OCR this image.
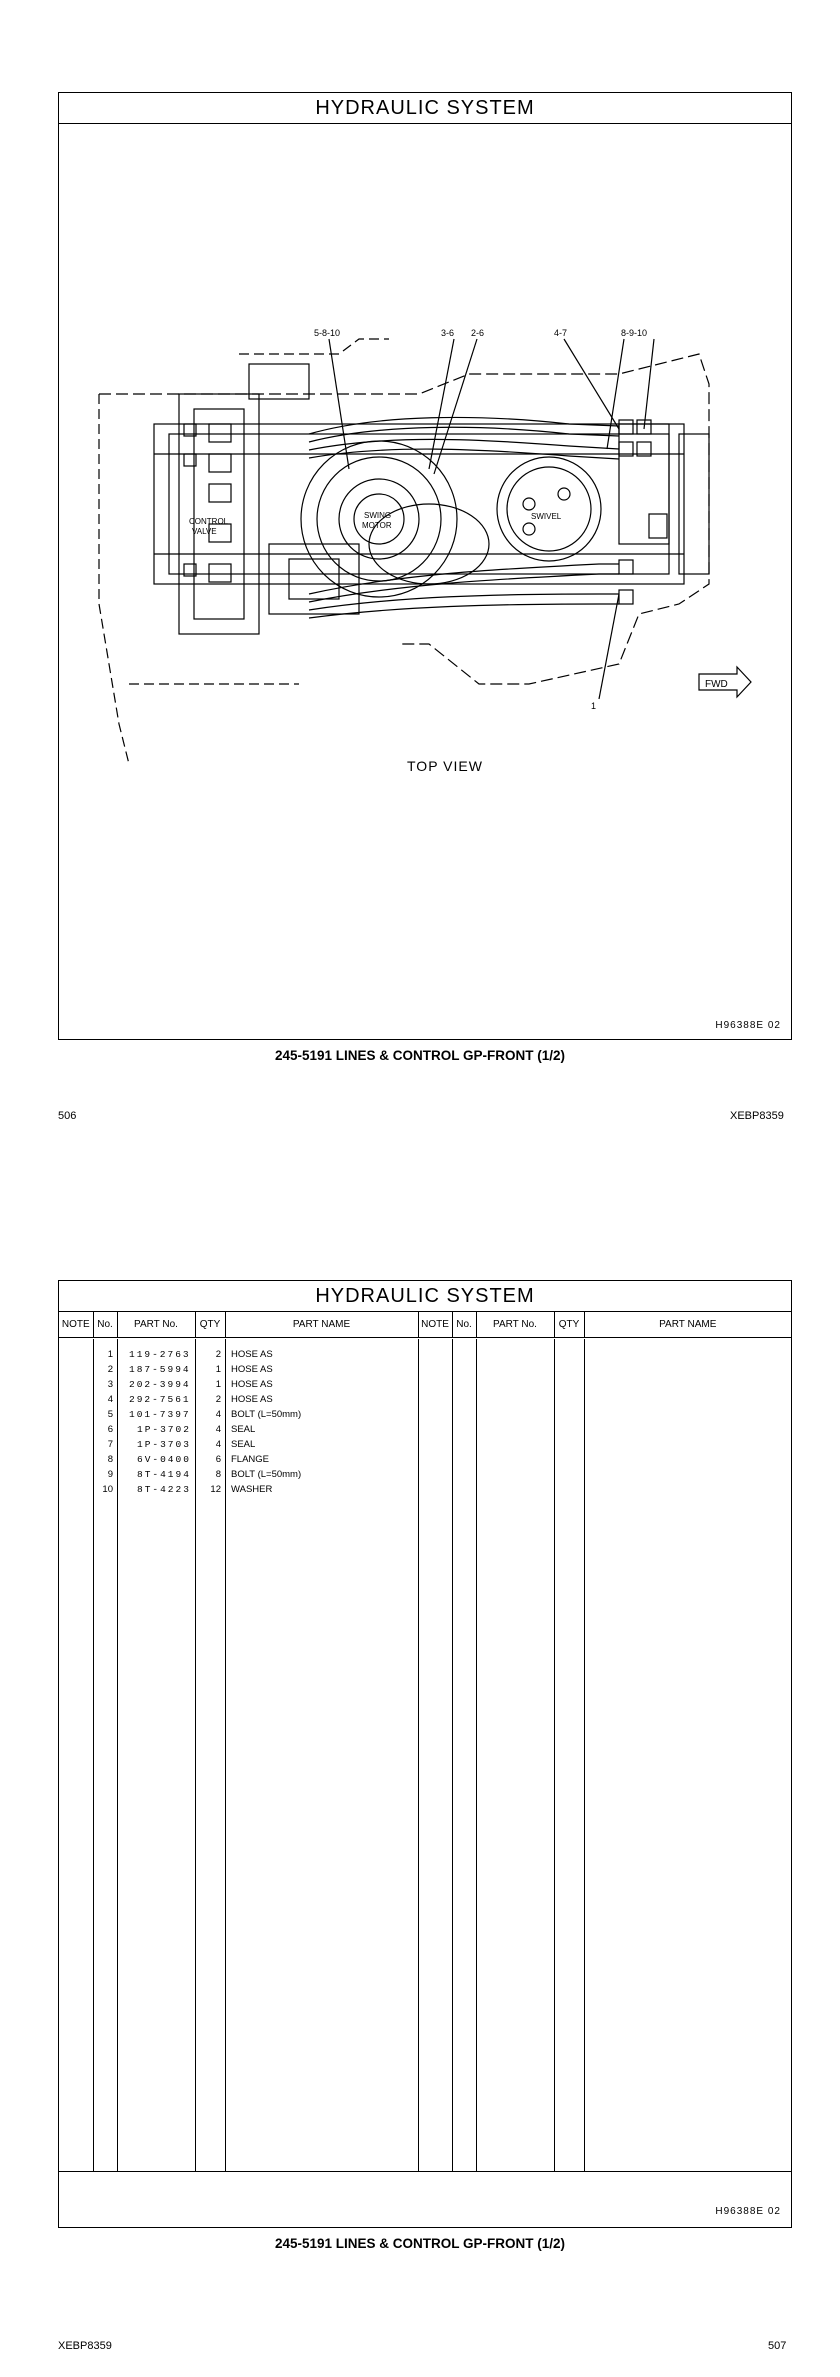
HYDRAULIC SYSTEM
5-8-10	3-6 2-6	4-7	8-9-10
1
CONTROL
VALVE
SWING
MOTOR
SWIVEL
FWD
TOP VIEW
H96388E 02
245-5191 LINES & CONTROL GP-FRONT (1/2)
506	XEBP8359
HYDRAULIC SYSTEM
NOTE	No.	PART No.	QTY	PART NAME	NOTE	No.	PART No.	QTY	PART NAME
1 119-2763	2 HOSE AS
2 187-5994	1 HOSE AS
3 202-3994	1 HOSE AS
4 292-7561	2 HOSE AS
5 101-7397	4 BOLT (L=50mm)
6	1P-3702	4 SEAL
7	1P-3703	4 SEAL
8	6V-0400	6 FLANGE
9	8T-4194	8 BOLT (L=50mm)
10	8T-4223	12 WASHER
H96388E 02
245-5191 LINES & CONTROL GP-FRONT (1/2)
XEBP8359	507
